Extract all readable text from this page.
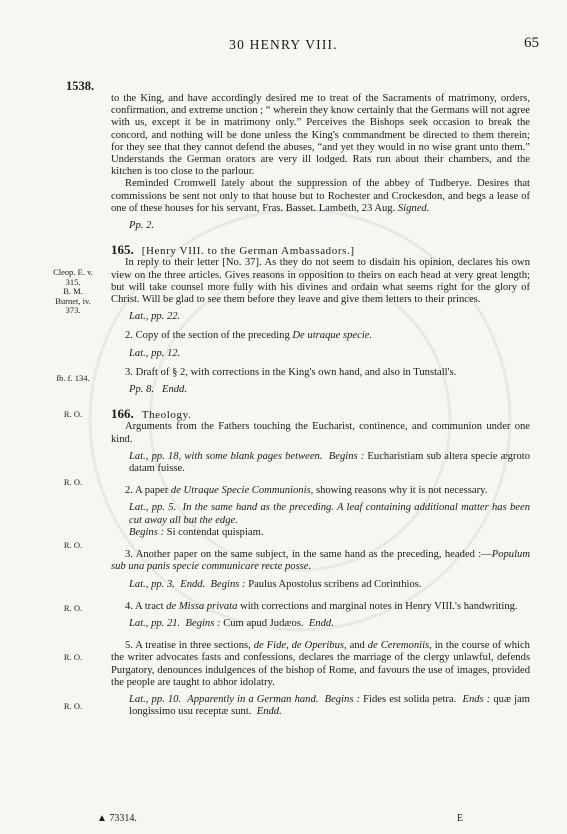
30 HENRY VIII.	65
1538.
Cleop. E. v.
315.
B. M.
Burnet, iv.
373.
Ib. f. 134.
R. O.
R. O.
R. O.
R. O.
R. O.
R. O.

to the King, and have accordingly desired me to treat of the Sacraments of matrimony, orders, confirmation, and extreme unction ; “ wherein they know certainly that the Germans will not agree with us, except it be in matrimony only.” Perceives the Bishops seek occasion to break the concord, and nothing will be done unless the King's commandment be directed to them therein; for they see that they cannot defend the abuses, “and yet they would in no wise grant unto them.” Understands the German orators are very ill lodged. Rats run about their chambers, and the kitchen is too close to the parlour.

Reminded Cromwell lately about the suppression of the abbey of Tudberye. Desires that commissions be sent not only to that house but to Rochester and Crockesdon, and begs a lease of one of these houses for his servant, Fras. Basset. Lambeth, 23 Aug. Signed.

Pp. 2.

165. [Henry VIII. to the German Ambassadors.]

In reply to their letter [No. 37]. As they do not seem to disdain his opinion, declares his own view on the three articles. Gives reasons in opposition to theirs on each head at very great length; but will take counsel more fully with his divines and ordain what seems right for the glory of Christ. Will be glad to see them before they leave and give them letters to their princes.

Lat., pp. 22.

2. Copy of the section of the preceding De utraque specie.

Lat., pp. 12.

3. Draft of § 2, with corrections in the King's own hand, and also in Tunstall's.

Pp. 8. Endd.

166. Theology.

Arguments from the Fathers touching the Eucharist, continence, and communion under one kind.

Lat., pp. 18, with some blank pages between. Begins : Eucharistiam sub altera specie ægroto datam fuisse.

2. A paper de Utraque Specie Communionis, showing reasons why it is not necessary.

Lat., pp. 5. In the same hand as the preceding. A leaf containing additional matter has been cut away all but the edge.

Begins : Si contendat quispiam.

3. Another paper on the same subject, in the same hand as the preceding, headed :—Populum sub una panis specie communicare recte posse.

Lat., pp. 3. Endd. Begins : Paulus Apostolus scribens ad Corinthios.

4. A tract de Missa privata with corrections and marginal notes in Henry VIII.'s handwriting.

Lat., pp. 21. Begins : Cum apud Judæos. Endd.

5. A treatise in three sections, de Fide, de Operibus, and de Ceremoniis, in the course of which the writer advocates fasts and confessions, declares the marriage of the clergy unlawful, defends Purgatory, denounces indulgences of the bishop of Rome, and favours the use of images, provided the people are taught to abhor idolatry.

Lat., pp. 10. Apparently in a German hand. Begins : Fides est solida petra. Ends : quæ jam longissimo usu receptæ sunt. Endd.

▲ 73314.	E
